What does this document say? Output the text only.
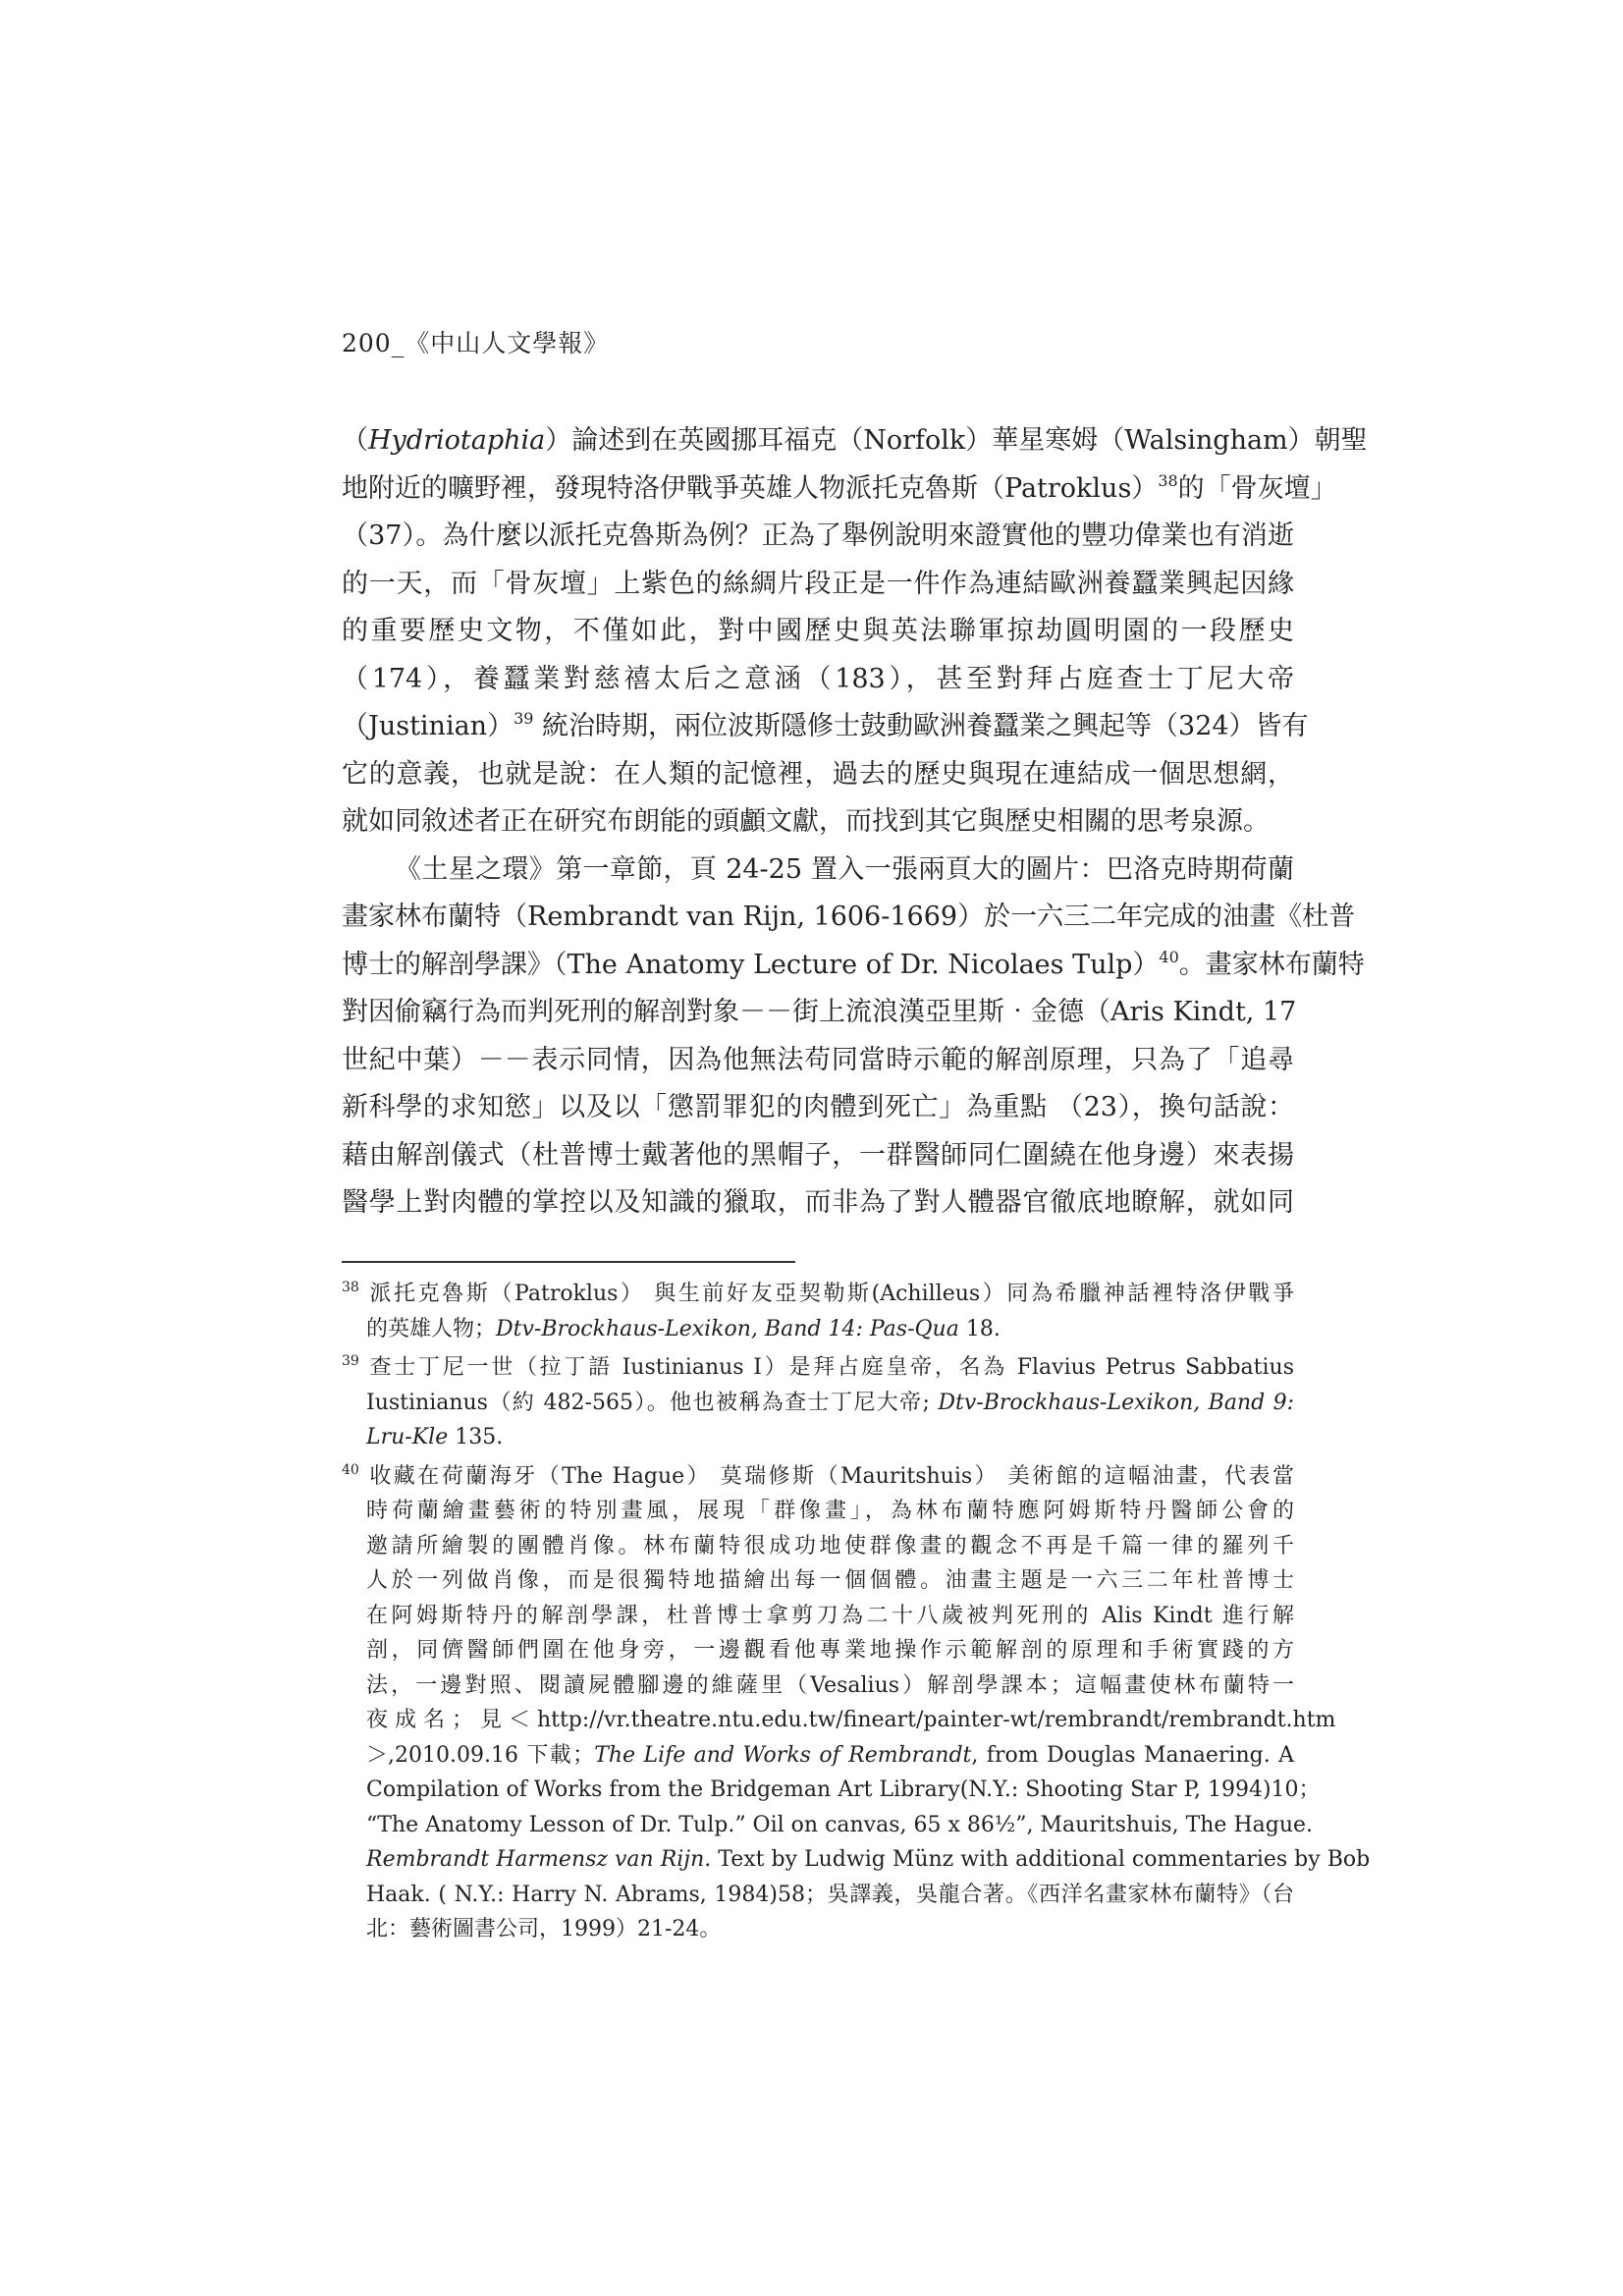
200_《中山人文學報》
（Hydriotaphia）論述到在英國挪耳福克（Norfolk）華星寒姆（Walsingham）朝聖
地附近的曠野裡，發現特洛伊戰爭英雄人物派托克魯斯（Patroklus）$^{38}$的「骨灰壇」
（37）。為什麼以派托克魯斯為例？正為了舉例說明來證實他的豐功偉業也有消逝
的一天，而「骨灰壇」上紫色的絲綢片段正是一件作為連結歐洲養蠶業興起因緣
的重要歷史文物，不僅如此，對中國歷史與英法聯軍掠劫圓明園的一段歷史
（174），養蠶業對慈禧太后之意涵（183），甚至對拜占庭查士丁尼大帝
（Justinian）$^{39}$ 統治時期，兩位波斯隱修士鼓動歐洲養蠶業之興起等（324）皆有
它的意義，也就是說：在人類的記憶裡，過去的歷史與現在連結成一個思想網，
就如同敘述者正在研究布朗能的頭顱文獻，而找到其它與歷史相關的思考泉源。
《土星之環》第一章節，頁 24-25 置入一張兩頁大的圖片：巴洛克時期荷蘭
畫家林布蘭特（Rembrandt van Rijn, 1606-1669）於一六三二年完成的油畫《杜普
博士的解剖學課》（The Anatomy Lecture of Dr. Nicolaes Tulp）$^{40}$。畫家林布蘭特
對因偷竊行為而判死刑的解剖對象－－街上流浪漢亞里斯‧金德（Aris Kindt, 17
世紀中葉）－－表示同情，因為他無法苟同當時示範的解剖原理，只為了「追尋
新科學的求知慾」以及以「懲罰罪犯的肉體到死亡」為重點 （23），換句話說：
藉由解剖儀式（杜普博士戴著他的黑帽子，一群醫師同仁圍繞在他身邊）來表揚
醫學上對肉體的掌控以及知識的獵取，而非為了對人體器官徹底地瞭解，就如同
$^{38}$ 派托克魯斯（Patroklus） 與生前好友亞契勒斯(Achilleus）同為希臘神話裡特洛伊戰爭
的英雄人物；Dtv-Brockhaus-Lexikon, Band 14: Pas-Qua 18.
$^{39}$ 查士丁尼一世（拉丁語 Iustinianus I）是拜占庭皇帝，名為 Flavius Petrus Sabbatius
Iustinianus（約 482-565）。他也被稱為查士丁尼大帝; Dtv-Brockhaus-Lexikon, Band 9:
Lru-Kle 135.
$^{40}$ 收藏在荷蘭海牙（The Hague） 莫瑞修斯（Mauritshuis） 美術館的這幅油畫，代表當
時荷蘭繪畫藝術的特別畫風，展現「群像畫」，為林布蘭特應阿姆斯特丹醫師公會的
邀請所繪製的團體肖像。林布蘭特很成功地使群像畫的觀念不再是千篇一律的羅列千
人於一列做肖像，而是很獨特地描繪出每一個個體。油畫主題是一六三二年杜普博士
在阿姆斯特丹的解剖學課，杜普博士拿剪刀為二十八歲被判死刑的 Alis Kindt 進行解
剖，同儕醫師們圍在他身旁，一邊觀看他專業地操作示範解剖的原理和手術實踐的方
法，一邊對照、閱讀屍體腳邊的維薩里（Vesalius）解剖學課本；這幅畫使林布蘭特一
夜 成 名 ； 見 ＜ http://vr.theatre.ntu.edu.tw/fineart/painter-wt/rembrandt/rembrandt.htm
＞,2010.09.16 下載；The Life and Works of Rembrandt, from Douglas Manaering. A
Compilation of Works from the Bridgeman Art Library(N.Y.: Shooting Star P, 1994)10；
“The Anatomy Lesson of Dr. Tulp.” Oil on canvas, 65 x 86½”, Mauritshuis, The Hague.
Rembrandt Harmensz van Rijn. Text by Ludwig Münz with additional commentaries by Bob
Haak. ( N.Y.: Harry N. Abrams, 1984)58；吳譯義，吳龍合著。《西洋名畫家林布蘭特》（台
北：藝術圖書公司，1999）21-24。
